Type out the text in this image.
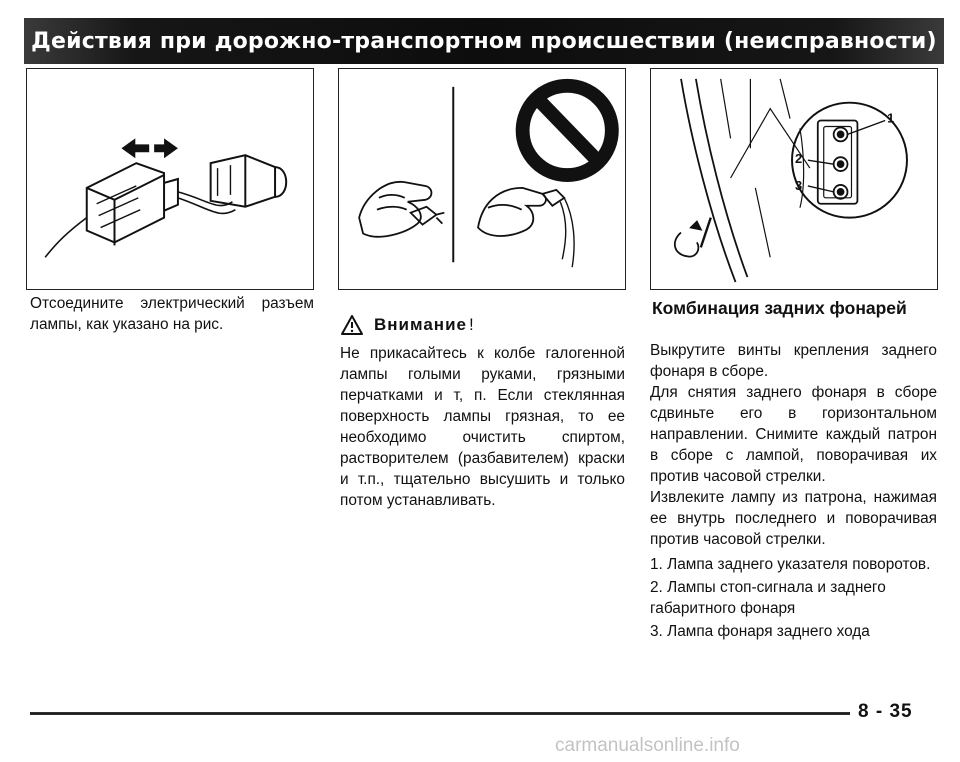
Действия при дорожно-транспортном происшествии (неисправности)
1
2
3
Отсоедините электрический разъем лампы, как указано на рис.	Внимание !
Не прикасайтесь к колбе галогенной лампы голыми руками, грязными перчатками и т, п. Если стеклянная поверхность лампы грязная, то ее необходимо очистить спиртом, растворителем (разбавителем) краски и т.п., тщательно высушить и только потом устанавливать.
Комбинация задних фонарей

Выкрутите винты крепления заднего фонаря в сборе.

Для снятия заднего фонаря в сборе сдвиньте его в горизонтальном направлении. Снимите каждый патрон в сборе с лампой, поворачивая их против часовой стрелки.

Извлеките лампу из патрона, нажимая ее внутрь последнего и поворачивая против часовой стрелки.

1. Лампа заднего указателя поворотов.
2. Лампы стоп-сигнала и заднего габаритного фонаря
3. Лампа фонаря заднего хода
8 - 35
carmanualsonline.info
